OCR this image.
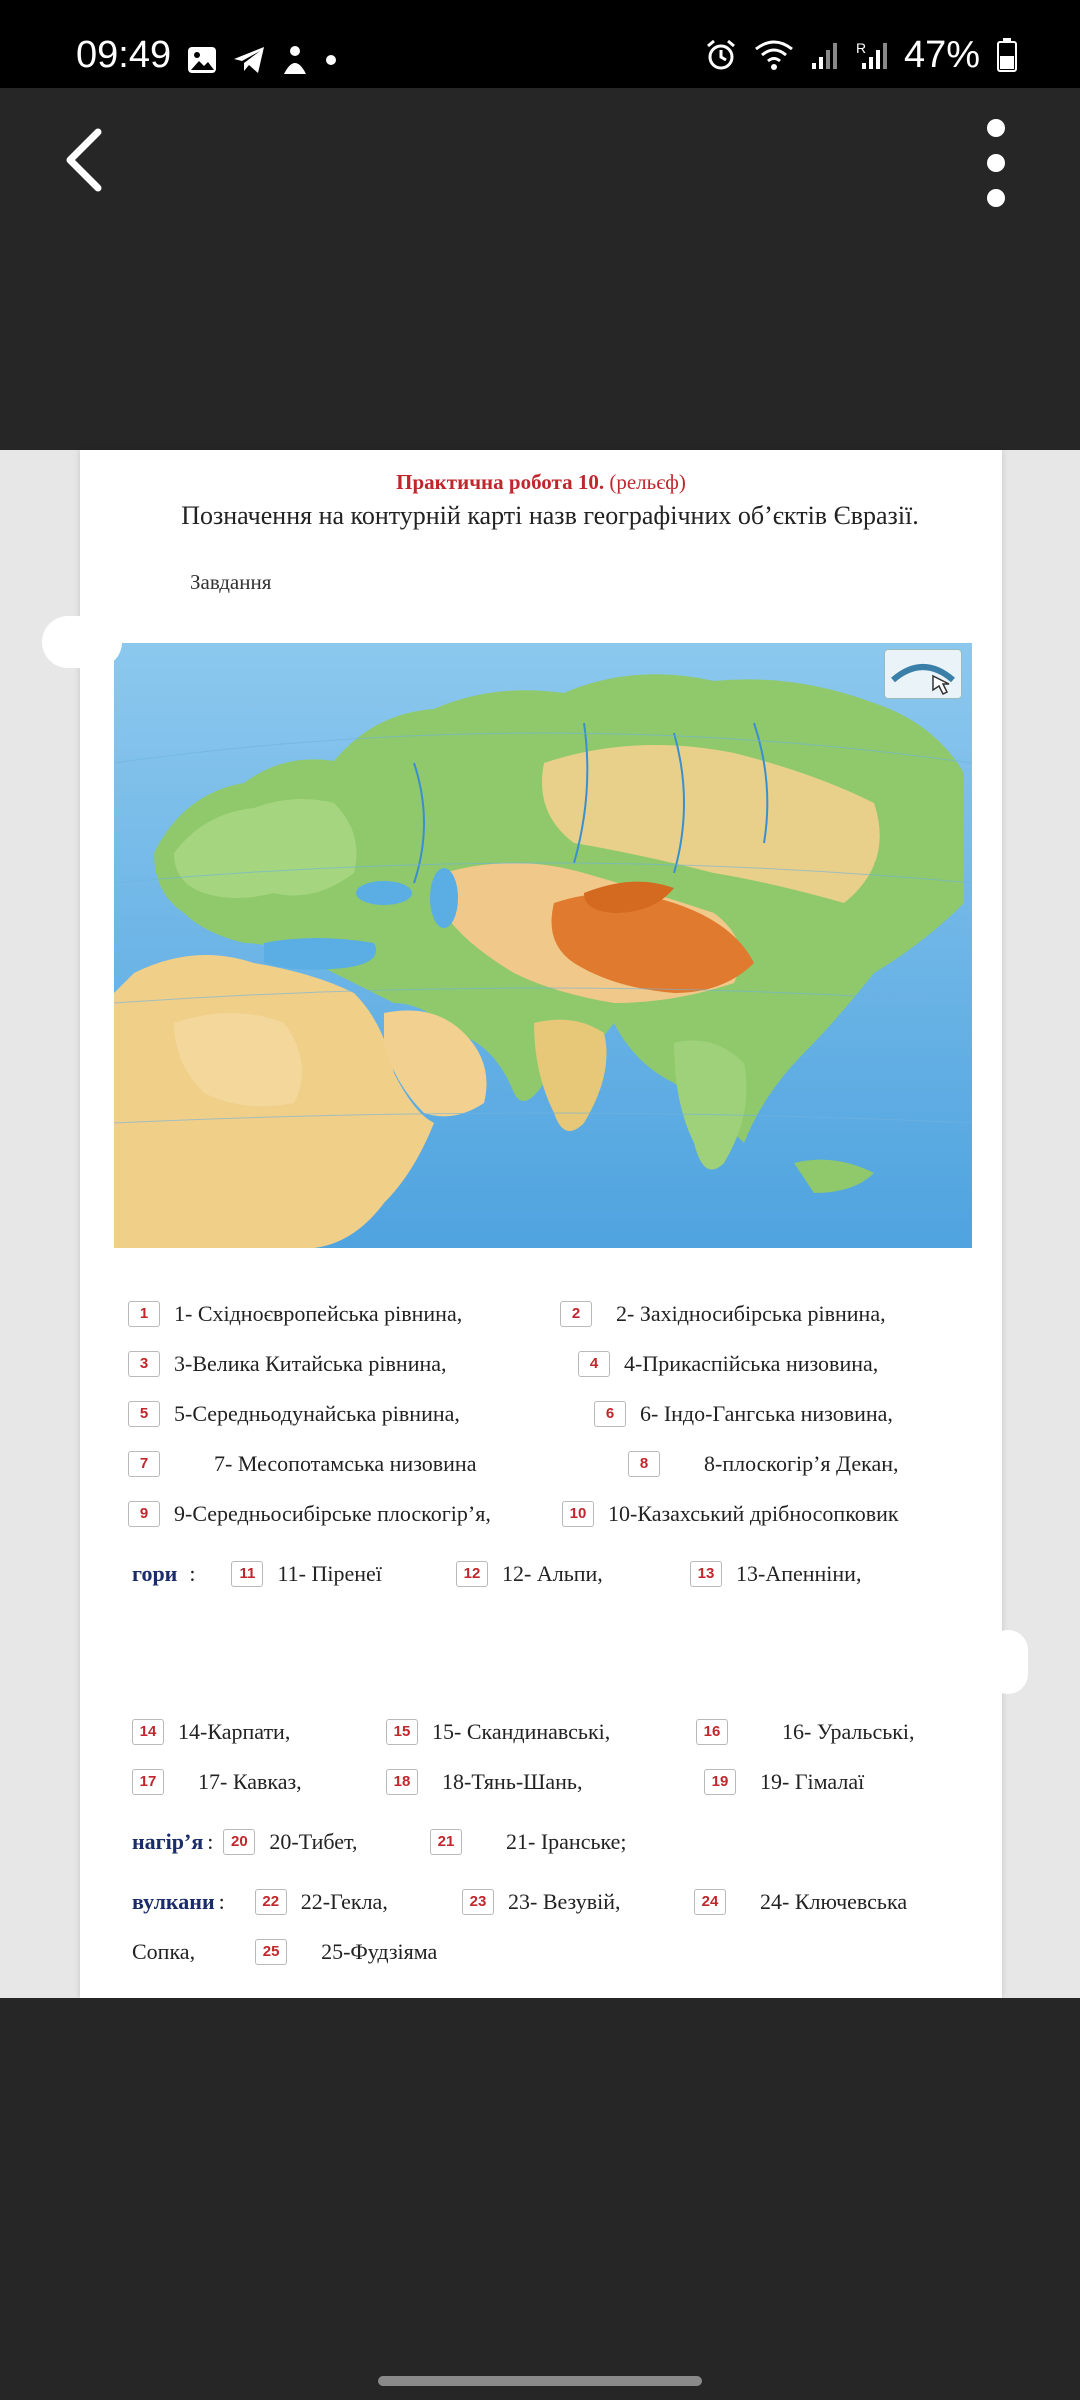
09:49	R 47%
Практична робота 10. (рельєф)
Позначення на контурній карті назв географічних об’єктів Євразії.
Завдання
1	1- Східноєвропейська рівнина,	2	2- Західносибірська рівнина,
3	3-Велика Китайська рівнина,	4	4-Прикаспійська низовина,
5	5-Середньодунайська рівнина,	6	6- Індо-Гангська низовина,
7	7- Месопотамська низовина	8	8-плоскогір’я Декан,
9	9-Середньосибірське плоскогір’я,	10 10-Казахський дрібносопковик
гори :	11	11- Піренеї	12 12- Альпи,	13 13-Апенніни,
14 14-Карпати,	15 15- Скандинавські,	16	16- Уральські,
17	17- Кавказ,	18	18-Тянь-Шань,	19	19- Гімалаї
нагір’я :	20 20-Тибет,	21	21- Іранське;
вулкани :	22 22-Гекла,	23 23- Везувій,	24	24- Ключевська
Сопка,	25	25-Фудзіяма
